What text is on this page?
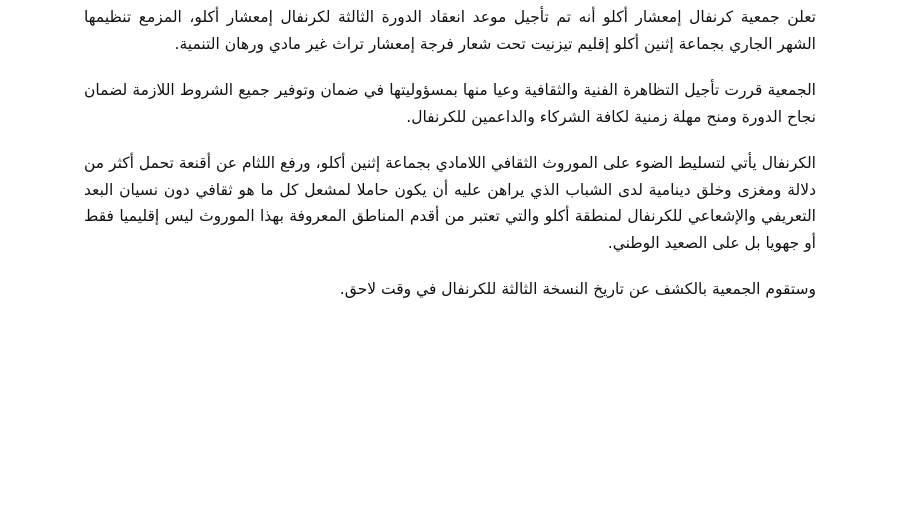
تعلن جمعية كرنفال إمعشار أكلو أنه تم تأجيل موعد انعقاد الدورة الثالثة لكرنفال إمعشار أكلو، المزمع تنظيمها الشهر الجاري بجماعة إثنين أكلو إقليم تيزنيت تحت شعار فرجة إمعشار تراث غير مادي ورهان التنمية.

الجمعية قررت تأجيل التظاهرة الفنية والثقافية وعيا منها بمسؤوليتها في ضمان وتوفير جميع الشروط اللازمة لضمان نجاح الدورة ومنح مهلة زمنية لكافة الشركاء والداعمين للكرنفال.

الكرنفال يأتي لتسليط الضوء على الموروث الثقافي اللامادي بجماعة إثنين أكلو، ورفع اللثام عن أقنعة تحمل أكثر من دلالة ومغزى وخلق دينامية لدى الشباب الذي يراهن عليه أن يكون حاملا لمشعل كل ما هو ثقافي دون نسيان البعد التعريفي والإشعاعي للكرنفال لمنطقة أكلو والتي تعتبر من أقدم المناطق المعروفة بهذا الموروث ليس إقليميا فقط أو جهويا بل على الصعيد الوطني.

وستقوم الجمعية بالكشف عن تاريخ النسخة الثالثة للكرنفال في وقت لاحق.
